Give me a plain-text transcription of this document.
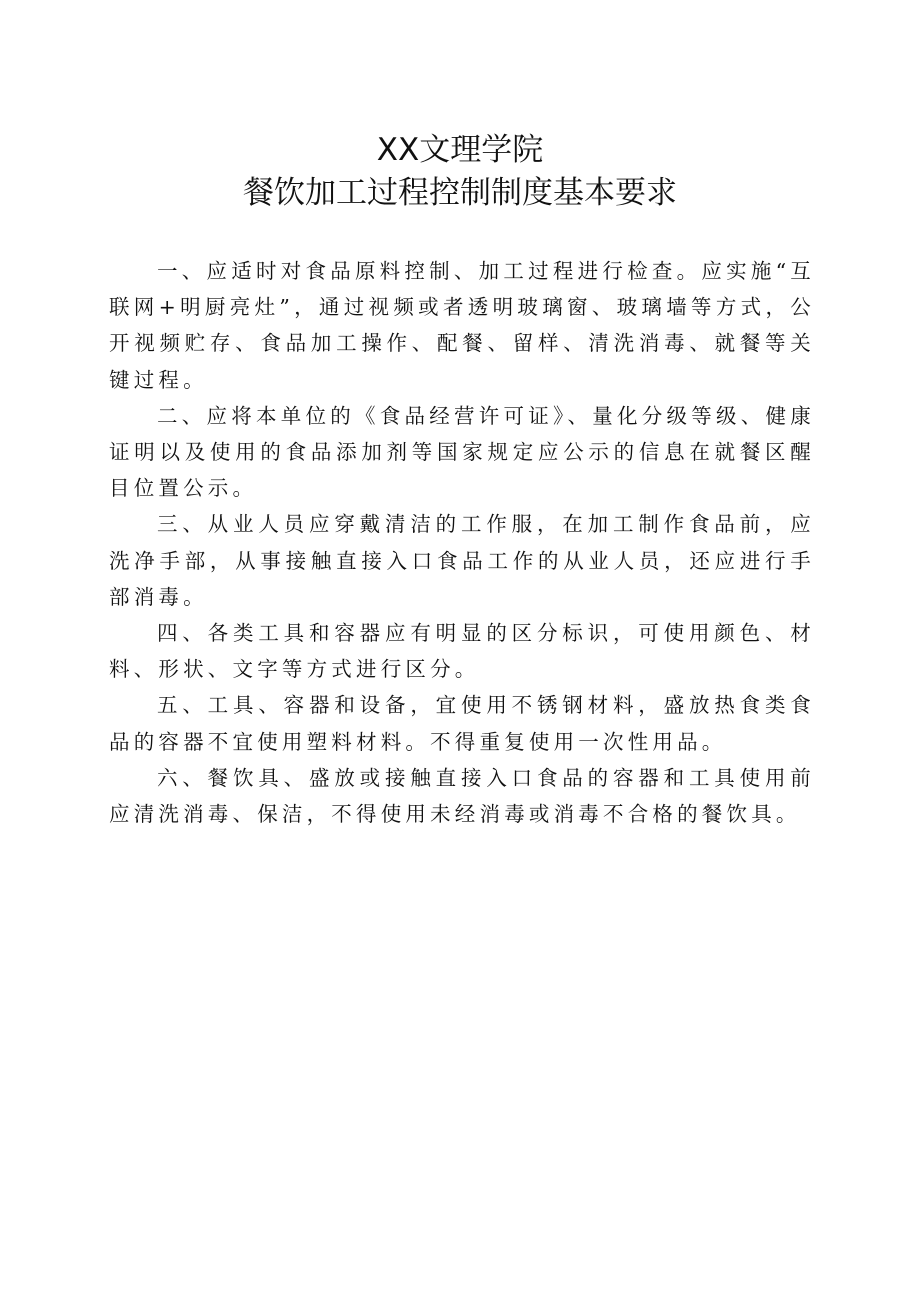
XX文理学院
餐饮加工过程控制制度基本要求

一、应适时对食品原料控制、加工过程进行检查。应实施“互联网+明厨亮灶”，通过视频或者透明玻璃窗、玻璃墙等方式，公开视频贮存、食品加工操作、配餐、留样、清洗消毒、就餐等关键过程。

二、应将本单位的《食品经营许可证》、量化分级等级、健康证明以及使用的食品添加剂等国家规定应公示的信息在就餐区醒目位置公示。

三、从业人员应穿戴清洁的工作服，在加工制作食品前，应洗净手部，从事接触直接入口食品工作的从业人员，还应进行手部消毒。

四、各类工具和容器应有明显的区分标识，可使用颜色、材料、形状、文字等方式进行区分。

五、工具、容器和设备，宜使用不锈钢材料，盛放热食类食品的容器不宜使用塑料材料。不得重复使用一次性用品。

六、餐饮具、盛放或接触直接入口食品的容器和工具使用前应清洗消毒、保洁，不得使用未经消毒或消毒不合格的餐饮具。
